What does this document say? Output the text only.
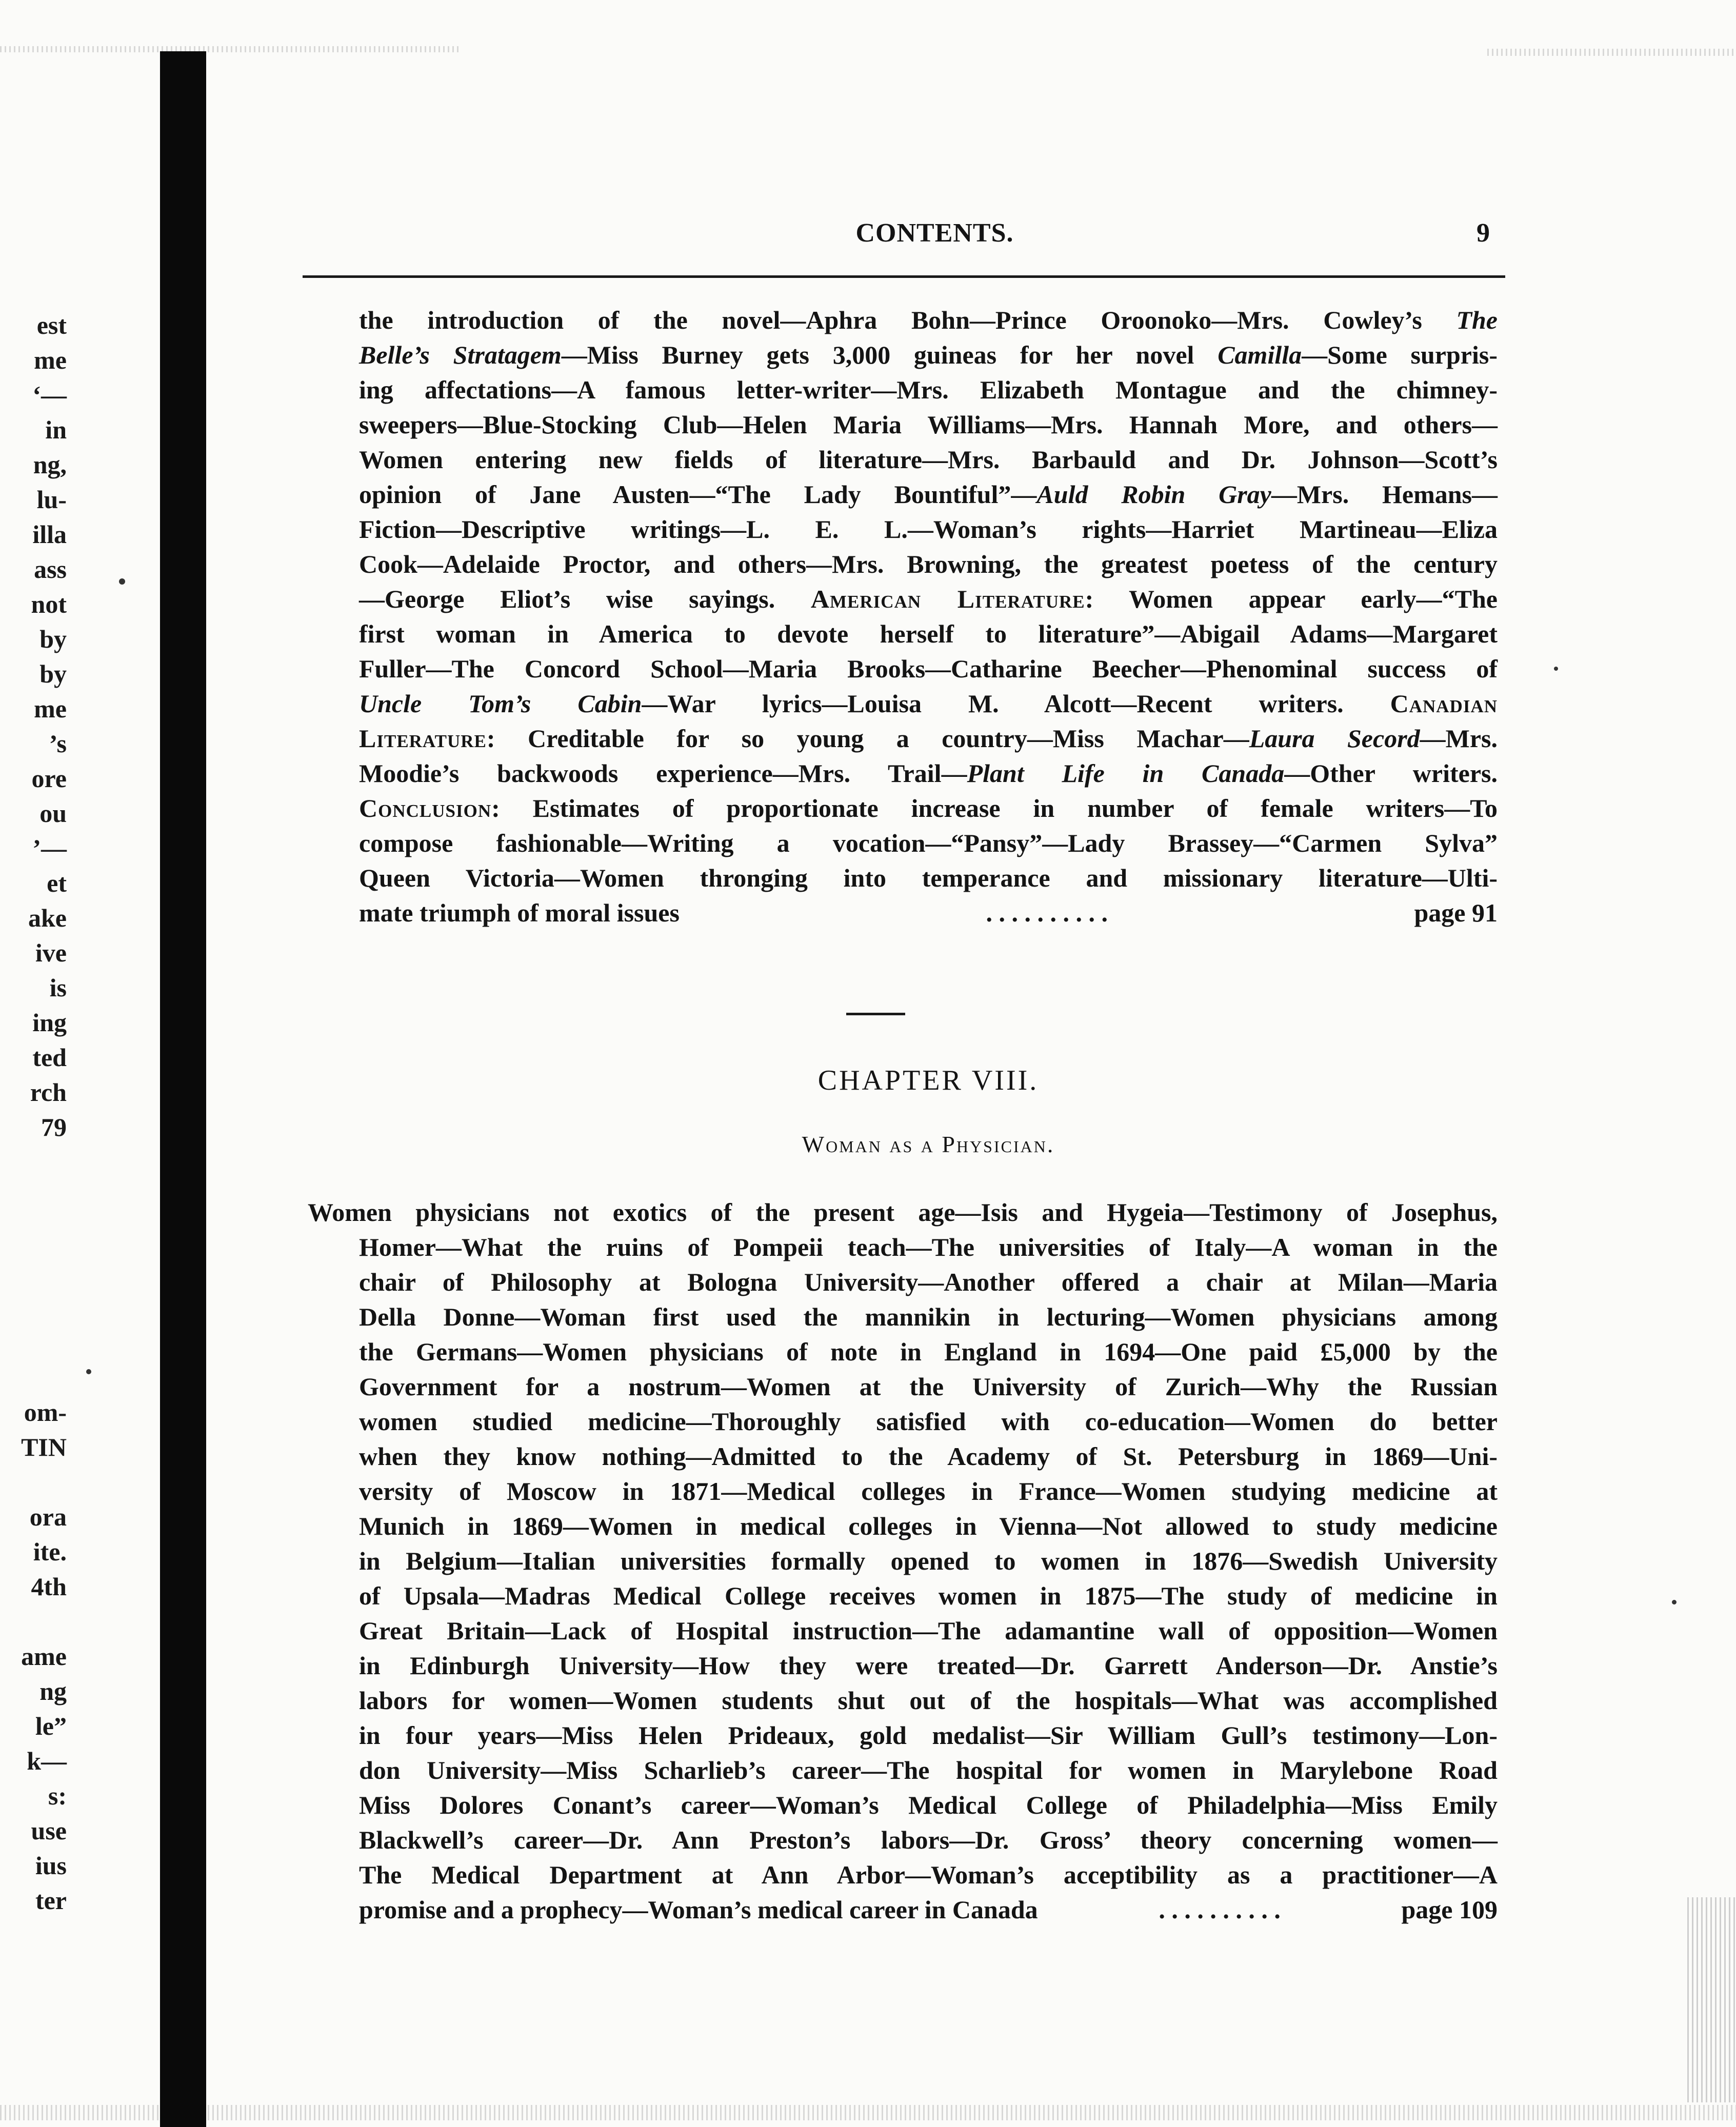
est
me
‘—
in
ng,
lu-
illa
ass
not
by
by
me
’s
ore
ou
’—
et
ake
ive
is
ing
ted
rch
79
om-
TIN
ora
ite.
4th
ame
ng
le”
k—
s:
use
ius
ter
CONTENTS.	9
the introduction of the novel—Aphra Bohn—Prince Oroonoko—Mrs. Cowley’s The
Belle’s Stratagem—Miss Burney gets 3,000 guineas for her novel Camilla—Some surpris-
ing affectations—A famous letter-writer—Mrs. Elizabeth Montague and the chimney-
sweepers—Blue-Stocking Club—Helen Maria Williams—Mrs. Hannah More, and others—
Women entering new fields of literature—Mrs. Barbauld and Dr. Johnson—Scott’s
opinion of Jane Austen—“The Lady Bountiful”—Auld Robin Gray—Mrs. Hemans—
Fiction—Descriptive writings—L. E. L.—Woman’s rights—Harriet Martineau—Eliza
Cook—Adelaide Proctor, and others—Mrs. Browning, the greatest poetess of the century
—George Eliot’s wise sayings. American Literature: Women appear early—“The
first woman in America to devote herself to literature”—Abigail Adams—Margaret
Fuller—The Concord School—Maria Brooks—Catharine Beecher—Phenominal success of
Uncle Tom’s Cabin—War lyrics—Louisa M. Alcott—Recent writers. Canadian
Literature: Creditable for so young a country—Miss Machar—Laura Secord—Mrs.
Moodie’s backwoods experience—Mrs. Trail—Plant Life in Canada—Other writers.
Conclusion: Estimates of proportionate increase in number of female writers—To
compose fashionable—Writing a vocation—“Pansy”—Lady Brassey—“Carmen Sylva”
Queen Victoria—Women thronging into temperance and missionary literature—Ulti-
mate triumph of moral issues	. . . . . . . . . .	page 91
CHAPTER VIII.
Woman as a Physician.
Women physicians not exotics of the present age—Isis and Hygeia—Testimony of Josephus,
Homer—What the ruins of Pompeii teach—The universities of Italy—A woman in the
chair of Philosophy at Bologna University—Another offered a chair at Milan—Maria
Della Donne—Woman first used the mannikin in lecturing—Women physicians among
the Germans—Women physicians of note in England in 1694—One paid £5,000 by the
Government for a nostrum—Women at the University of Zurich—Why the Russian
women studied medicine—Thoroughly satisfied with co-education—Women do better
when they know nothing—Admitted to the Academy of St. Petersburg in 1869—Uni-
versity of Moscow in 1871—Medical colleges in France—Women studying medicine at
Munich in 1869—Women in medical colleges in Vienna—Not allowed to study medicine
in Belgium—Italian universities formally opened to women in 1876—Swedish University
of Upsala—Madras Medical College receives women in 1875—The study of medicine in
Great Britain—Lack of Hospital instruction—The adamantine wall of opposition—Women
in Edinburgh University—How they were treated—Dr. Garrett Anderson—Dr. Anstie’s
labors for women—Women students shut out of the hospitals—What was accomplished
in four years—Miss Helen Prideaux, gold medalist—Sir William Gull’s testimony—Lon-
don University—Miss Scharlieb’s career—The hospital for women in Marylebone Road
Miss Dolores Conant’s career—Woman’s Medical College of Philadelphia—Miss Emily
Blackwell’s career—Dr. Ann Preston’s labors—Dr. Gross’ theory concerning women—
The Medical Department at Ann Arbor—Woman’s acceptibility as a practitioner—A
promise and a prophecy—Woman’s medical career in Canada	. . . . . . . . . .	page 109
